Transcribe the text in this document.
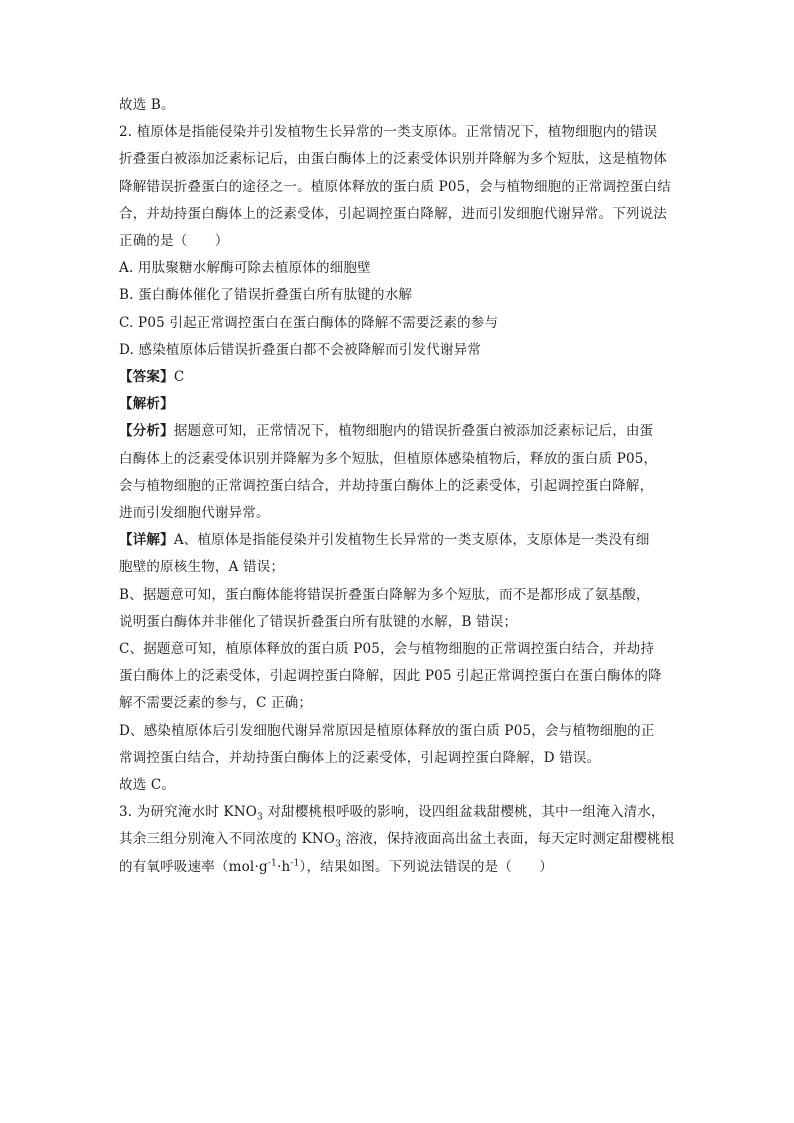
故选 B。
2. 植原体是指能侵染并引发植物生长异常的一类支原体。正常情况下，植物细胞内的错误
折叠蛋白被添加泛素标记后，由蛋白酶体上的泛素受体识别并降解为多个短肽，这是植物体
降解错误折叠蛋白的途径之一。植原体释放的蛋白质 P05，会与植物细胞的正常调控蛋白结
合，并劫持蛋白酶体上的泛素受体，引起调控蛋白降解，进而引发细胞代谢异常。下列说法
正确的是（　　）
A. 用肽聚糖水解酶可除去植原体的细胞壁
B. 蛋白酶体催化了错误折叠蛋白所有肽键的水解
C. P05 引起正常调控蛋白在蛋白酶体的降解不需要泛素的参与
D. 感染植原体后错误折叠蛋白都不会被降解而引发代谢异常
【答案】C
【解析】
【分析】据题意可知，正常情况下，植物细胞内的错误折叠蛋白被添加泛素标记后，由蛋
白酶体上的泛素受体识别并降解为多个短肽，但植原体感染植物后，释放的蛋白质 P05，
会与植物细胞的正常调控蛋白结合，并劫持蛋白酶体上的泛素受体，引起调控蛋白降解，
进而引发细胞代谢异常。
【详解】A、植原体是指能侵染并引发植物生长异常的一类支原体，支原体是一类没有细
胞壁的原核生物，A 错误；
B、据题意可知，蛋白酶体能将错误折叠蛋白降解为多个短肽，而不是都形成了氨基酸，
说明蛋白酶体并非催化了错误折叠蛋白所有肽键的水解，B 错误；
C、据题意可知，植原体释放的蛋白质 P05，会与植物细胞的正常调控蛋白结合，并劫持
蛋白酶体上的泛素受体，引起调控蛋白降解，因此 P05 引起正常调控蛋白在蛋白酶体的降
解不需要泛素的参与，C 正确；
D、感染植原体后引发细胞代谢异常原因是植原体释放的蛋白质 P05，会与植物细胞的正
常调控蛋白结合，并劫持蛋白酶体上的泛素受体，引起调控蛋白降解，D 错误。
故选 C。
3. 为研究淹水时 $KNO_3$ 对甜樱桃根呼吸的影响，设四组盆栽甜樱桃，其中一组淹入清水，
其余三组分别淹入不同浓度的 $KNO_3$ 溶液，保持液面高出盆土表面，每天定时测定甜樱桃根
的有氧呼吸速率$(mol\cdot g^{-1}\cdot h^{-1})$，结果如图。下列说法错误的是（　　）
